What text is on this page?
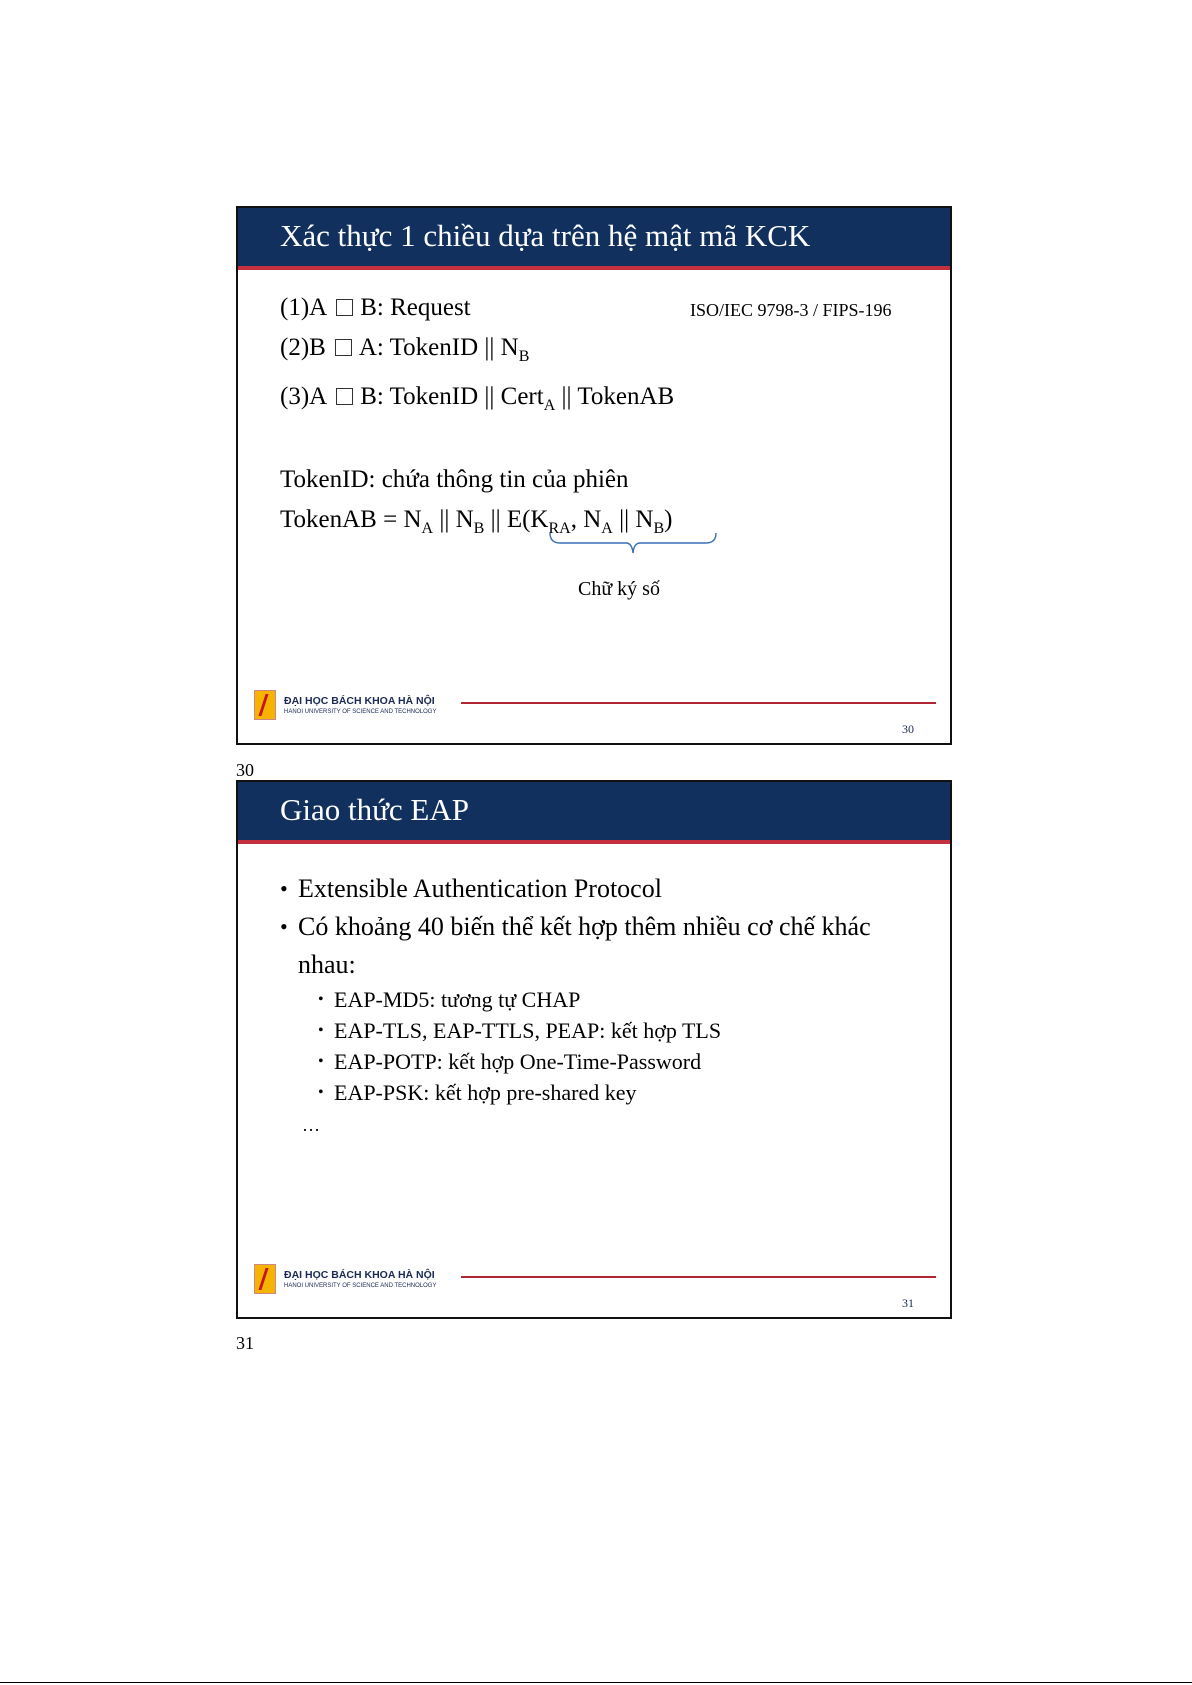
Xác thực 1 chiều dựa trên hệ mật mã KCK
(1)A B: Request	ISO/IEC 9798-3 / FIPS-196
(2)B A: TokenID || $N_B$
(3)A B: TokenID || Cert$_A$ || TokenAB
TokenID: chứa thông tin của phiên
TokenAB = $N_A$ || $N_B$ || $E(K_{RA}$, $N_A$ || $N_B$)
Chữ ký số
ĐẠI HỌC BÁCH KHOA HÀ NỘI
HANOI UNIVERSITY OF SCIENCE AND TECHNOLOGY
30
30
Giao thức EAP
• Extensible Authentication Protocol
• Có khoảng 40 biến thể kết hợp thêm nhiều cơ chế khác nhau:
• EAP-MD5: tương tự CHAP
• EAP-TLS, EAP-TTLS, PEAP: kết hợp TLS
• EAP-POTP: kết hợp One-Time-Password
• EAP-PSK: kết hợp pre-shared key
…
ĐẠI HỌC BÁCH KHOA HÀ NỘI
HANOI UNIVERSITY OF SCIENCE AND TECHNOLOGY
31
31
